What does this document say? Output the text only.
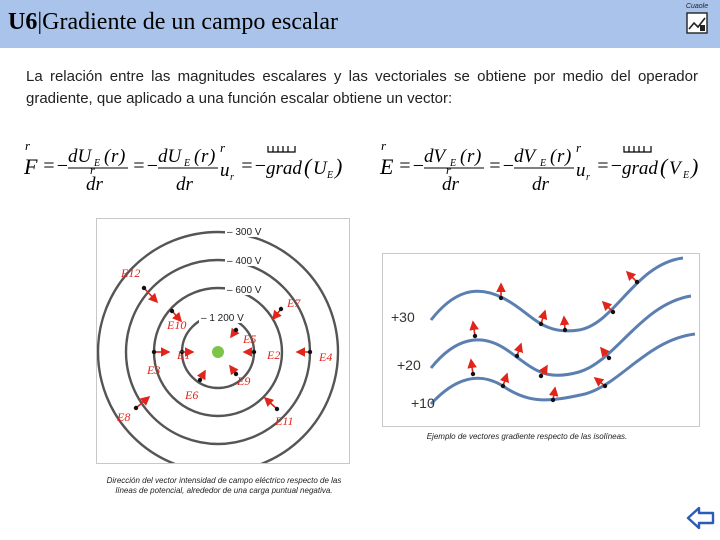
U6|Gradiente de un campo escalar
Cuaole
La relación entre las magnitudes escalares y las vectoriales se obtiene por medio del operador gradiente, que aplicado a una función escalar obtiene un vector:
r
F =− dU E ( r )
dr
r =− dU E ( r )
dr
r
u r
=− grad ( U E )
r
E =− dV E ( r )
dr
r =− dV E ( r )
dr
r
u r
=− grad ( V E )
– 300 V
– 400 V
– 600 V
– 1 200 V
E12
E7
E10
E5
E2	E4
E1
E3
E9
E6
E8	E11
Dirección del vector intensidad de campo eléctrico respecto de las líneas de potencial, alrededor de una carga puntual negativa.
+30
+20
+10
Ejemplo de vectores gradiente respecto de las isolíneas.
